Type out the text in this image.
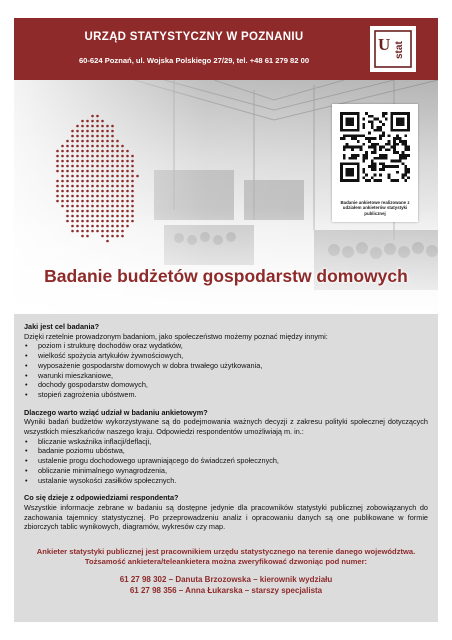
URZĄD STATYSTYCZNY W POZNANIU
60-624 Poznań, ul. Wojska Polskiego 27/29, tel. +48 61 279 82 00
U stat
Badanie ankietowe realizowane z udziałem ankieterów statystyki publicznej
Badanie budżetów gospodarstw domowych

Jaki jest cel badania?

Dzięki rzetelnie prowadzonym badaniom, jako społeczeństwo możemy poznać między innymi:

• poziom i strukturę dochodów oraz wydatków,
• wielkość spożycia artykułów żywnościowych,
• wyposażenie gospodarstw domowych w dobra trwałego użytkowania,
• warunki mieszkaniowe,
• dochody gospodarstw domowych,
• stopień zagrożenia ubóstwem.

Dlaczego warto wziąć udział w badaniu ankietowym?

Wyniki badań budżetów wykorzystywane są do podejmowania ważnych decyzji z zakresu polityki społecznej dotyczących wszystkich mieszkańców naszego kraju. Odpowiedzi respondentów umożliwiają m. in.:

• bliczanie wskaźnika inflacji/deflacji,
• badanie poziomu ubóstwa,
• ustalenie progu dochodowego uprawniającego do świadczeń społecznych,
• obliczanie minimalnego wynagrodzenia,
• ustalanie wysokości zasiłków społecznych.

Co się dzieje z odpowiedziami respondenta?

Wszystkie informacje zebrane w badaniu są dostępne jedynie dla pracowników statystyki publicznej zobowiązanych do zachowania tajemnicy statystycznej. Po przeprowadzeniu analiz i opracowaniu danych są one publikowane w formie zbiorczych tablic wynikowych, diagramów, wykresów czy map.

Ankieter statystyki publicznej jest pracownikiem urzędu statystycznego na terenie danego województwa. Tożsamość ankietera/teleankietera można zweryfikować dzwoniąc pod numer:
61 27 98 302 – Danuta Brzozowska – kierownik wydziału
61 27 98 356 – Anna Łukarska – starszy specjalista
